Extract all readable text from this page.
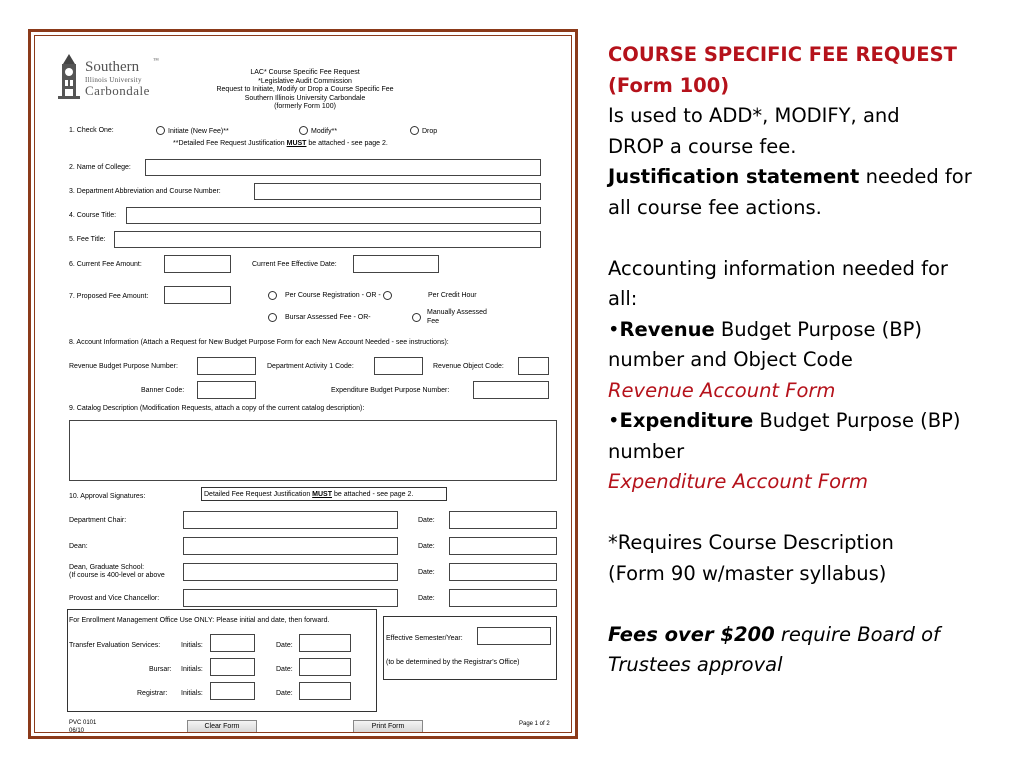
Southern ™
Illinois University
Carbondale
LAC* Course Specific Fee Request
*Legislative Audit Commission
Request to Initiate, Modify or Drop a Course Specific Fee
Southern Illinois University Carbondale
(formerly Form 100)
1. Check One:	Initiate (New Fee)**	Modify**	Drop
**Detailed Fee Request Justification MUST be attached - see page 2.
2. Name of College:
3. Department Abbreviation and Course Number:
4. Course Title:
5. Fee Title:
6. Current Fee Amount:	Current Fee Effective Date:
7. Proposed Fee Amount:	Per Course Registration - OR -	Per Credit Hour
Bursar Assessed Fee - OR-
Manually Assessed
Fee
8. Account Information (Attach a Request for New Budget Purpose Form for each New Account Needed - see instructions):
Revenue Budget Purpose Number:	Department Activity 1 Code:	Revenue Object Code:
Banner Code:	Expenditure Budget Purpose Number:
9. Catalog Description (Modification Requests, attach a copy of the current catalog description):
10. Approval Signatures:	Detailed Fee Request Justification MUST be attached - see page 2.
Department Chair:	Date:
Dean:	Date:
Dean, Graduate School:
(If course is 400-level or above	Date:
Provost and Vice Chancellor:	Date:
For Enrollment Management Office Use ONLY: Please initial and date, then forward.
Transfer Evaluation Services:	Initials:	Date:
Bursar: Initials:	Date:
Registrar: Initials:	Date:
Effective Semester/Year:
(to be determined by the Registrar's Office)
PVC 0101
06/10
Clear Form	Print Form	Page 1 of 2
COURSE SPECIFIC FEE REQUEST
(Form 100)
Is used to ADD*, MODIFY, and
DROP a course fee.
Justification statement needed for
all course fee actions.

Accounting information needed for
all:
•Revenue Budget Purpose (BP)
number and Object Code
Revenue Account Form
•Expenditure Budget Purpose (BP)
number
Expenditure Account Form

*Requires Course Description
(Form 90 w/master syllabus)

Fees over $200 require Board of
Trustees approval
